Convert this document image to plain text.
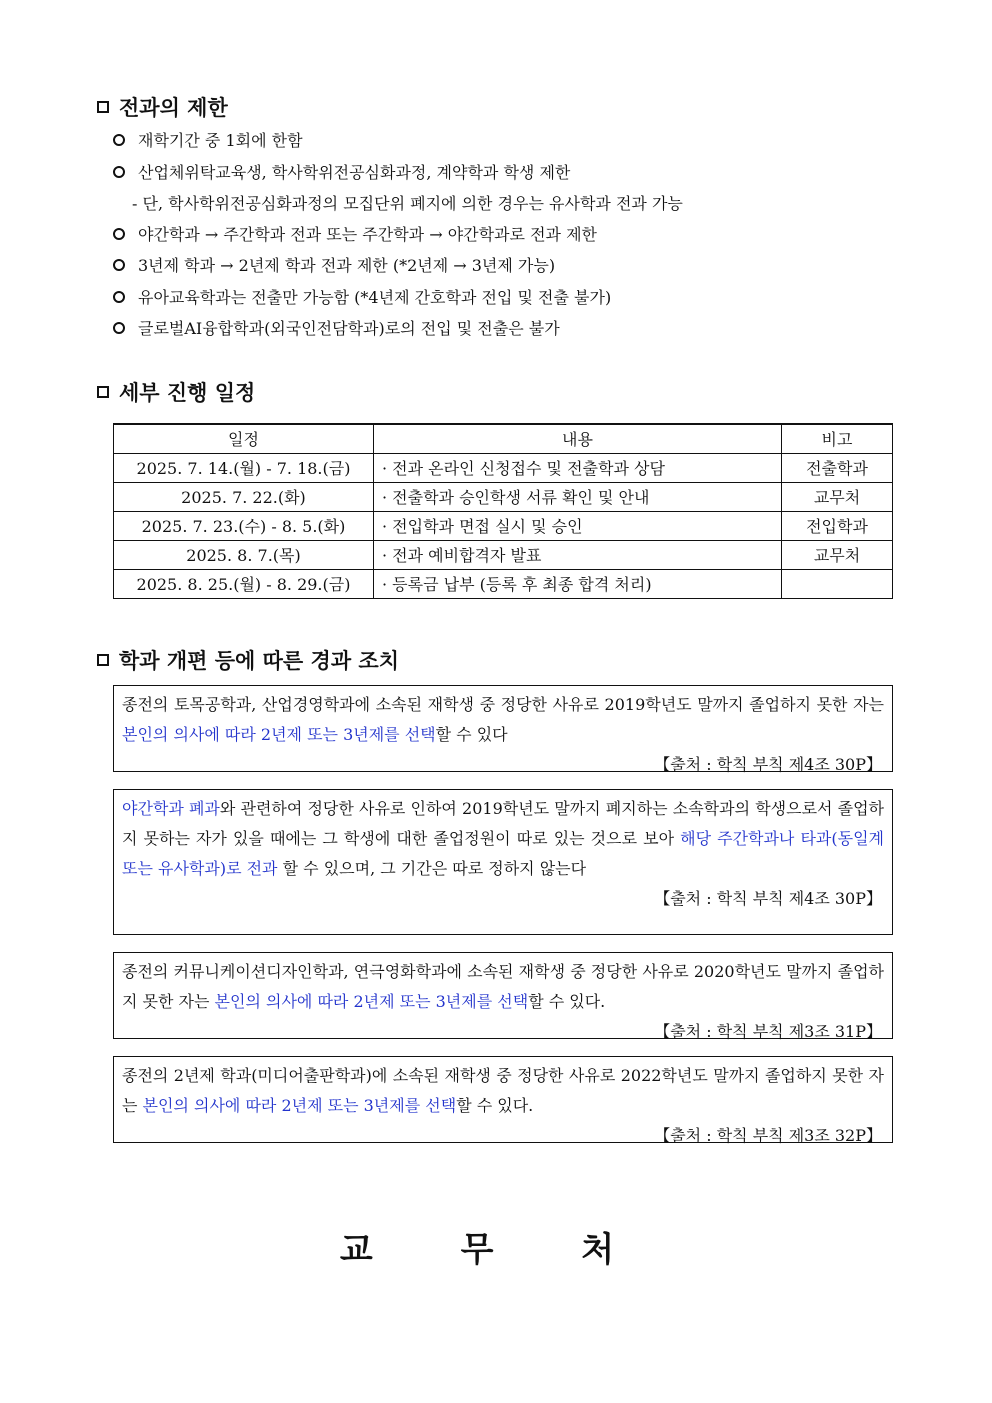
전과의 제한
재학기간 중 1회에 한함
산업체위탁교육생, 학사학위전공심화과정, 계약학과 학생 제한
- 단, 학사학위전공심화과정의 모집단위 폐지에 의한 경우는 유사학과 전과 가능
야간학과 → 주간학과 전과 또는 주간학과 → 야간학과로 전과 제한
3년제 학과 → 2년제 학과 전과 제한 (*2년제 → 3년제 가능)
유아교육학과는 전출만 가능함 (*4년제 간호학과 전입 및 전출 불가)
글로벌AI융합학과(외국인전담학과)로의 전입 및 전출은 불가
세부 진행 일정
일정	내용	비고
2025. 7. 14.(월) - 7. 18.(금)	· 전과 온라인 신청접수 및 전출학과 상담	전출학과
2025. 7. 22.(화)	· 전출학과 승인학생 서류 확인 및 안내	교무처
2025. 7. 23.(수) - 8. 5.(화)	· 전입학과 면접 실시 및 승인	전입학과
2025. 8. 7.(목)	· 전과 예비합격자 발표	교무처
2025. 8. 25.(월) - 8. 29.(금)	· 등록금 납부 (등록 후 최종 합격 처리)	
학과 개편 등에 따른 경과 조치
종전의 토목공학과, 산업경영학과에 소속된 재학생 중 정당한 사유로 2019학년도 말까지 졸업하지 못한 자는 본인의 의사에 따라 2년제 또는 3년제를 선택할 수 있다
【출처 : 학칙 부칙 제4조 30P】
야간학과 폐과와 관련하여 정당한 사유로 인하여 2019학년도 말까지 폐지하는 소속학과의 학생으로서 졸업하지 못하는 자가 있을 때에는 그 학생에 대한 졸업정원이 따로 있는 것으로 보아 해당 주간학과나 타과(동일계 또는 유사학과)로 전과 할 수 있으며, 그 기간은 따로 정하지 않는다
【출처 : 학칙 부칙 제4조 30P】
종전의 커뮤니케이션디자인학과, 연극영화학과에 소속된 재학생 중 정당한 사유로 2020학년도 말까지 졸업하지 못한 자는 본인의 의사에 따라 2년제 또는 3년제를 선택할 수 있다.
【출처 : 학칙 부칙 제3조 31P】
종전의 2년제 학과(미디어출판학과)에 소속된 재학생 중 정당한 사유로 2022학년도 말까지 졸업하지 못한 자는 본인의 의사에 따라 2년제 또는 3년제를 선택할 수 있다.
【출처 : 학칙 부칙 제3조 32P】
교 무 처
